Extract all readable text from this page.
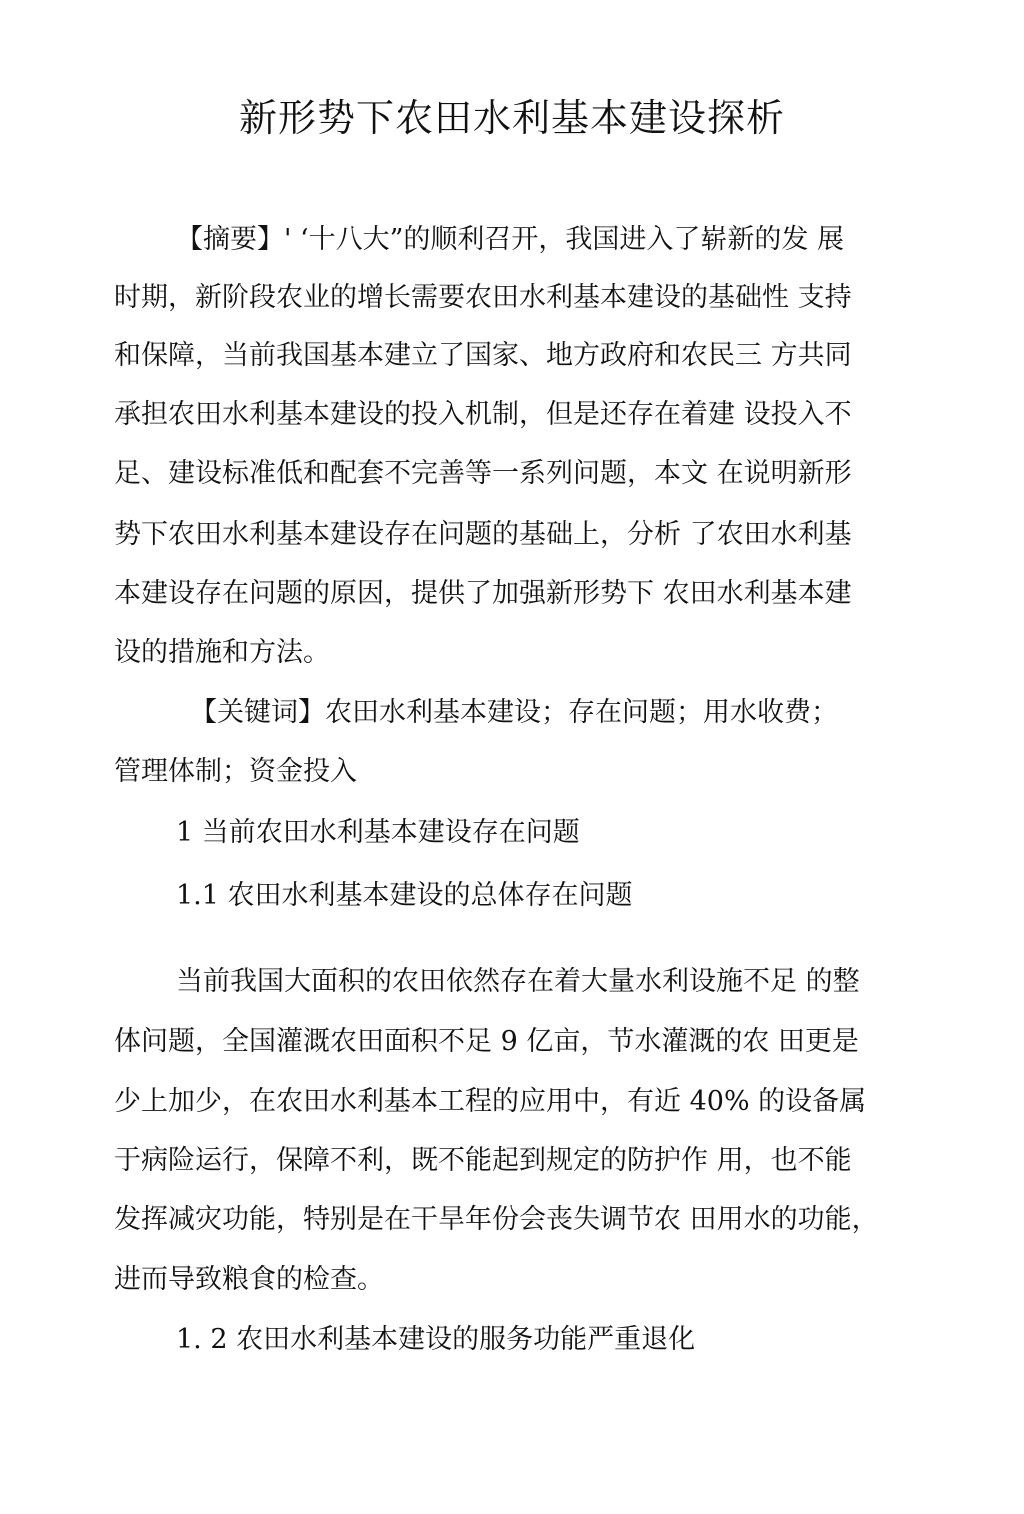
新形势下农田水利基本建设探析

【摘要】' ‘十八大”的顺利召开，我国进入了崭新的发 展

时期，新阶段农业的增长需要农田水利基本建设的基础性 支持

和保障，当前我国基本建立了国家、地方政府和农民三 方共同

承担农田水利基本建设的投入机制，但是还存在着建 设投入不

足、建设标准低和配套不完善等一系列问题，本文 在说明新形

势下农田水利基本建设存在问题的基础上，分析 了农田水利基

本建设存在问题的原因，提供了加强新形势下 农田水利基本建

设的措施和方法。

【关键词】农田水利基本建设；存在问题；用水收费；

管理体制；资金投入

1 当前农田水利基本建设存在问题

1.1 农田水利基本建设的总体存在问题

当前我国大面积的农田依然存在着大量水利设施不足 的整

体问题，全国灌溉农田面积不足 9 亿亩，节水灌溉的农 田更是

少上加少，在农田水利基本工程的应用中，有近 40% 的设备属

于病险运行，保障不利，既不能起到规定的防护作 用，也不能

发挥减灾功能，特别是在干旱年份会丧失调节农 田用水的功能，

进而导致粮食的检查。

1. 2 农田水利基本建设的服务功能严重退化
